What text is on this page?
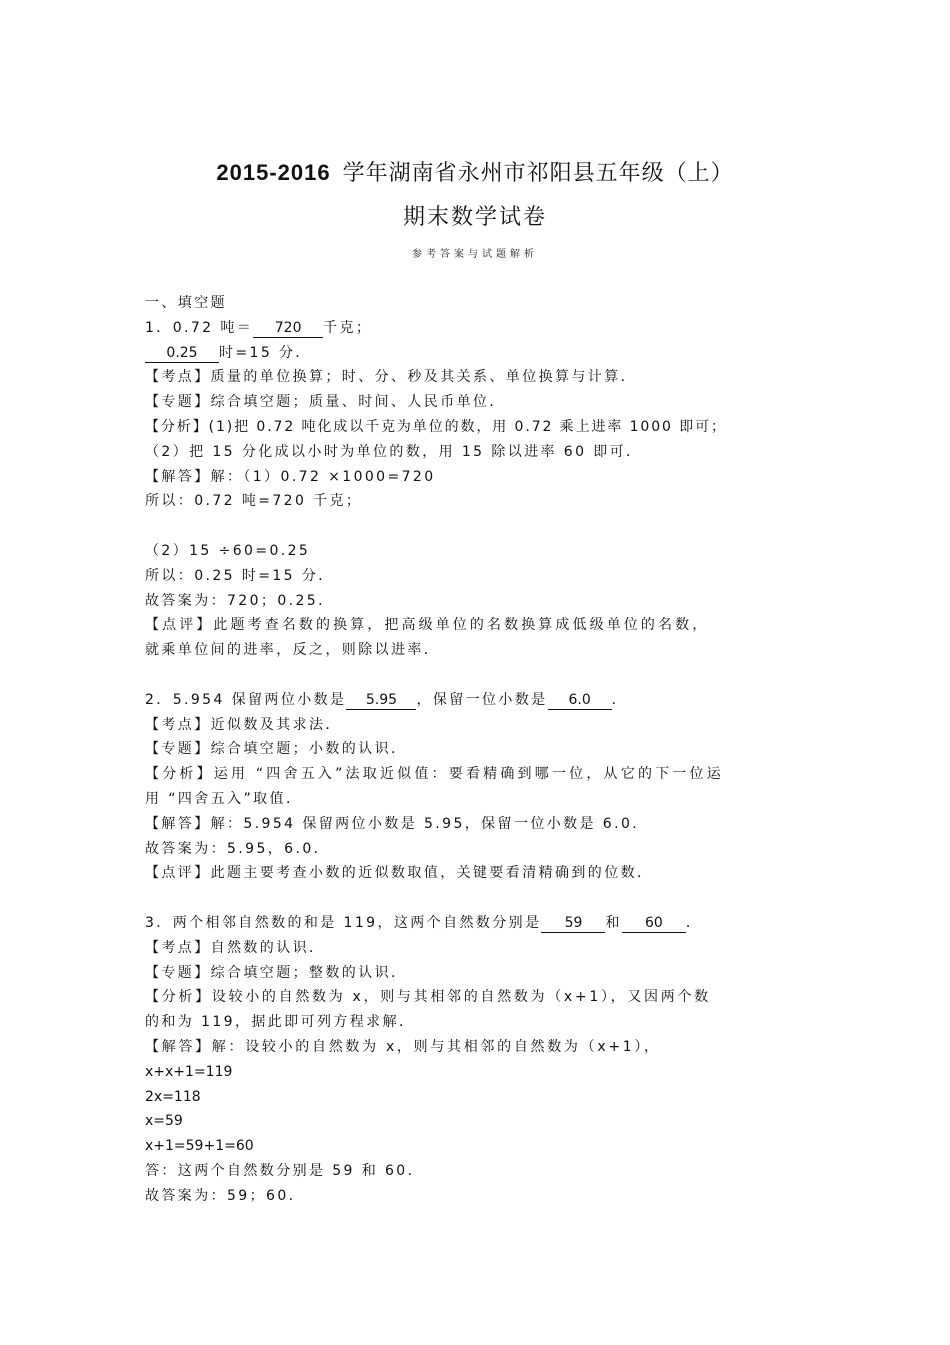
2015-2016 学年湖南省永州市祁阳县五年级（上）
期末数学试卷
参考答案与试题解析
一、填空题
1．0.72 吨＝ 720 千克；
0.25 时=15 分．
【考点】质量的单位换算；时、分、秒及其关系、单位换算与计算．
【专题】综合填空题；质量、时间、人民币单位．
【分析】(1)把 0.72 吨化成以千克为单位的数，用 0.72 乘上进率 1000 即可；
（2）把 15 分化成以小时为单位的数，用 15 除以进率 60 即可．
【解答】解：（1）0.72 ×1000=720
所以：0.72 吨=720 千克；
（2）15 ÷60=0.25
所以：0.25 时=15 分．
故答案为：720；0.25．
【点评】此题考查名数的换算，把高级单位的名数换算成低级单位的名数，
就乘单位间的进率，反之，则除以进率．
2．5.954 保留两位小数是 5.95 ，保留一位小数是 6.0 ．
【考点】近似数及其求法．
【专题】综合填空题；小数的认识．
【分析】运用 “四舍五入”法取近似值：要看精确到哪一位，从它的下一位运
用 “四舍五入”取值．
【解答】解：5.954 保留两位小数是 5.95，保留一位小数是 6.0．
故答案为：5.95，6.0．
【点评】此题主要考查小数的近似数取值，关键要看清精确到的位数．
3．两个相邻自然数的和是 119，这两个自然数分别是 59 和 60 ．
【考点】自然数的认识．
【专题】综合填空题；整数的认识．
【分析】设较小的自然数为 x，则与其相邻的自然数为（x+1），又因两个数
的和为 119，据此即可列方程求解．
【解答】解：设较小的自然数为 x，则与其相邻的自然数为（x+1），
x+x+1=119
2x=118
x=59
x+1=59+1=60
答：这两个自然数分别是 59 和 60．
故答案为：59；60．
